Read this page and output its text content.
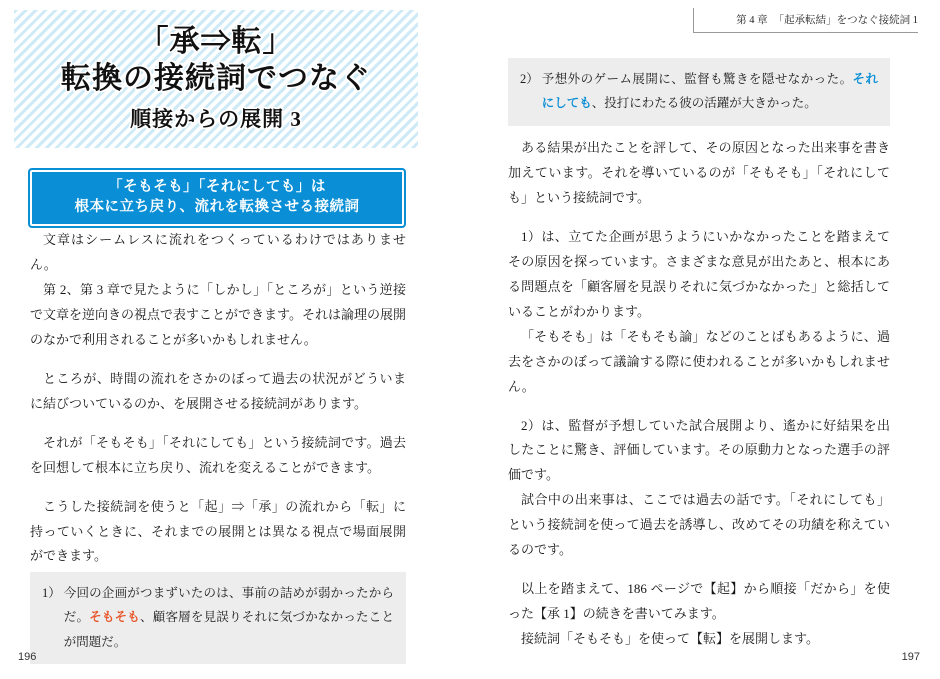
「承⇒転」
転換の接続詞でつなぐ
順接からの展開 3
「そもそも」「それにしても」は
根本に立ち戻り、流れを転換させる接続詞

文章はシームレスに流れをつくっているわけではありません。

第 2、第 3 章で見たように「しかし」「ところが」という逆接で文章を逆向きの視点で表すことができます。それは論理の展開のなかで利用されることが多いかもしれません。

ところが、時間の流れをさかのぼって過去の状況がどういまに結びついているのか、を展開させる接続詞があります。

それが「そもそも」「それにしても」という接続詞です。過去を回想して根本に立ち戻り、流れを変えることができます。

こうした接続詞を使うと「起」⇒「承」の流れから「転」に持っていくときに、それまでの展開とは異なる視点で場面展開ができます。

1） 今回の企画がつまずいたのは、事前の詰めが弱かったからだ。そもそも、顧客層を見誤りそれに気づかなかったことが問題だ。
196
第 4 章 「起承転結」をつなぐ接続詞 1
2） 予想外のゲーム展開に、監督も驚きを隠せなかった。それにしても、投打にわたる彼の活躍が大きかった。

ある結果が出たことを評して、その原因となった出来事を書き加えています。それを導いているのが「そもそも」「それにしても」という接続詞です。

1）は、立てた企画が思うようにいかなかったことを踏まえてその原因を探っています。さまざまな意見が出たあと、根本にある問題点を「顧客層を見誤りそれに気づかなかった」と総括していることがわかります。

「そもそも」は「そもそも論」などのことばもあるように、過去をさかのぼって議論する際に使われることが多いかもしれません。

2）は、監督が予想していた試合展開より、遙かに好結果を出したことに驚き、評価しています。その原動力となった選手の評価です。

試合中の出来事は、ここでは過去の話です。「それにしても」という接続詞を使って過去を誘導し、改めてその功績を称えているのです。

以上を踏まえて、186 ページで【起】から順接「だから」を使った【承 1】の続きを書いてみます。

接続詞「そもそも」を使って【転】を展開します。

197
